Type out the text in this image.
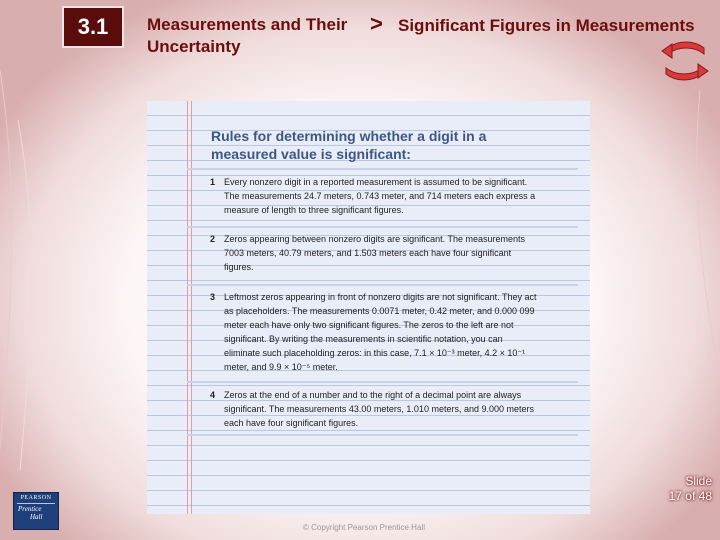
3.1	Measurements and Their Uncertainty
> Significant Figures in Measurements
Rules for determining whether a digit in a measured value is significant:
1 Every nonzero digit in a reported measurement is assumed to be significant. The measurements 24.7 meters, 0.743 meter, and 714 meters each express a measure of length to three significant figures.
2 Zeros appearing between nonzero digits are significant. The measurements 7003 meters, 40.79 meters, and 1.503 meters each have four significant figures.
3 Leftmost zeros appearing in front of nonzero digits are not significant. They act as placeholders. The measurements 0.0071 meter, 0.42 meter, and 0.000 099 meter each have only two significant figures. The zeros to the left are not significant. By writing the measurements in scientific notation, you can eliminate such placeholding zeros: in this case, 7.1 × 10⁻³ meter, 4.2 × 10⁻¹ meter, and 9.9 × 10⁻⁵ meter.
4 Zeros at the end of a number and to the right of a decimal point are always significant. The measurements 43.00 meters, 1.010 meters, and 9.000 meters each have four significant figures.
Slide
17 of 48
© Copyright Pearson Prentice Hall
PEARSON
Prentice
Hall
